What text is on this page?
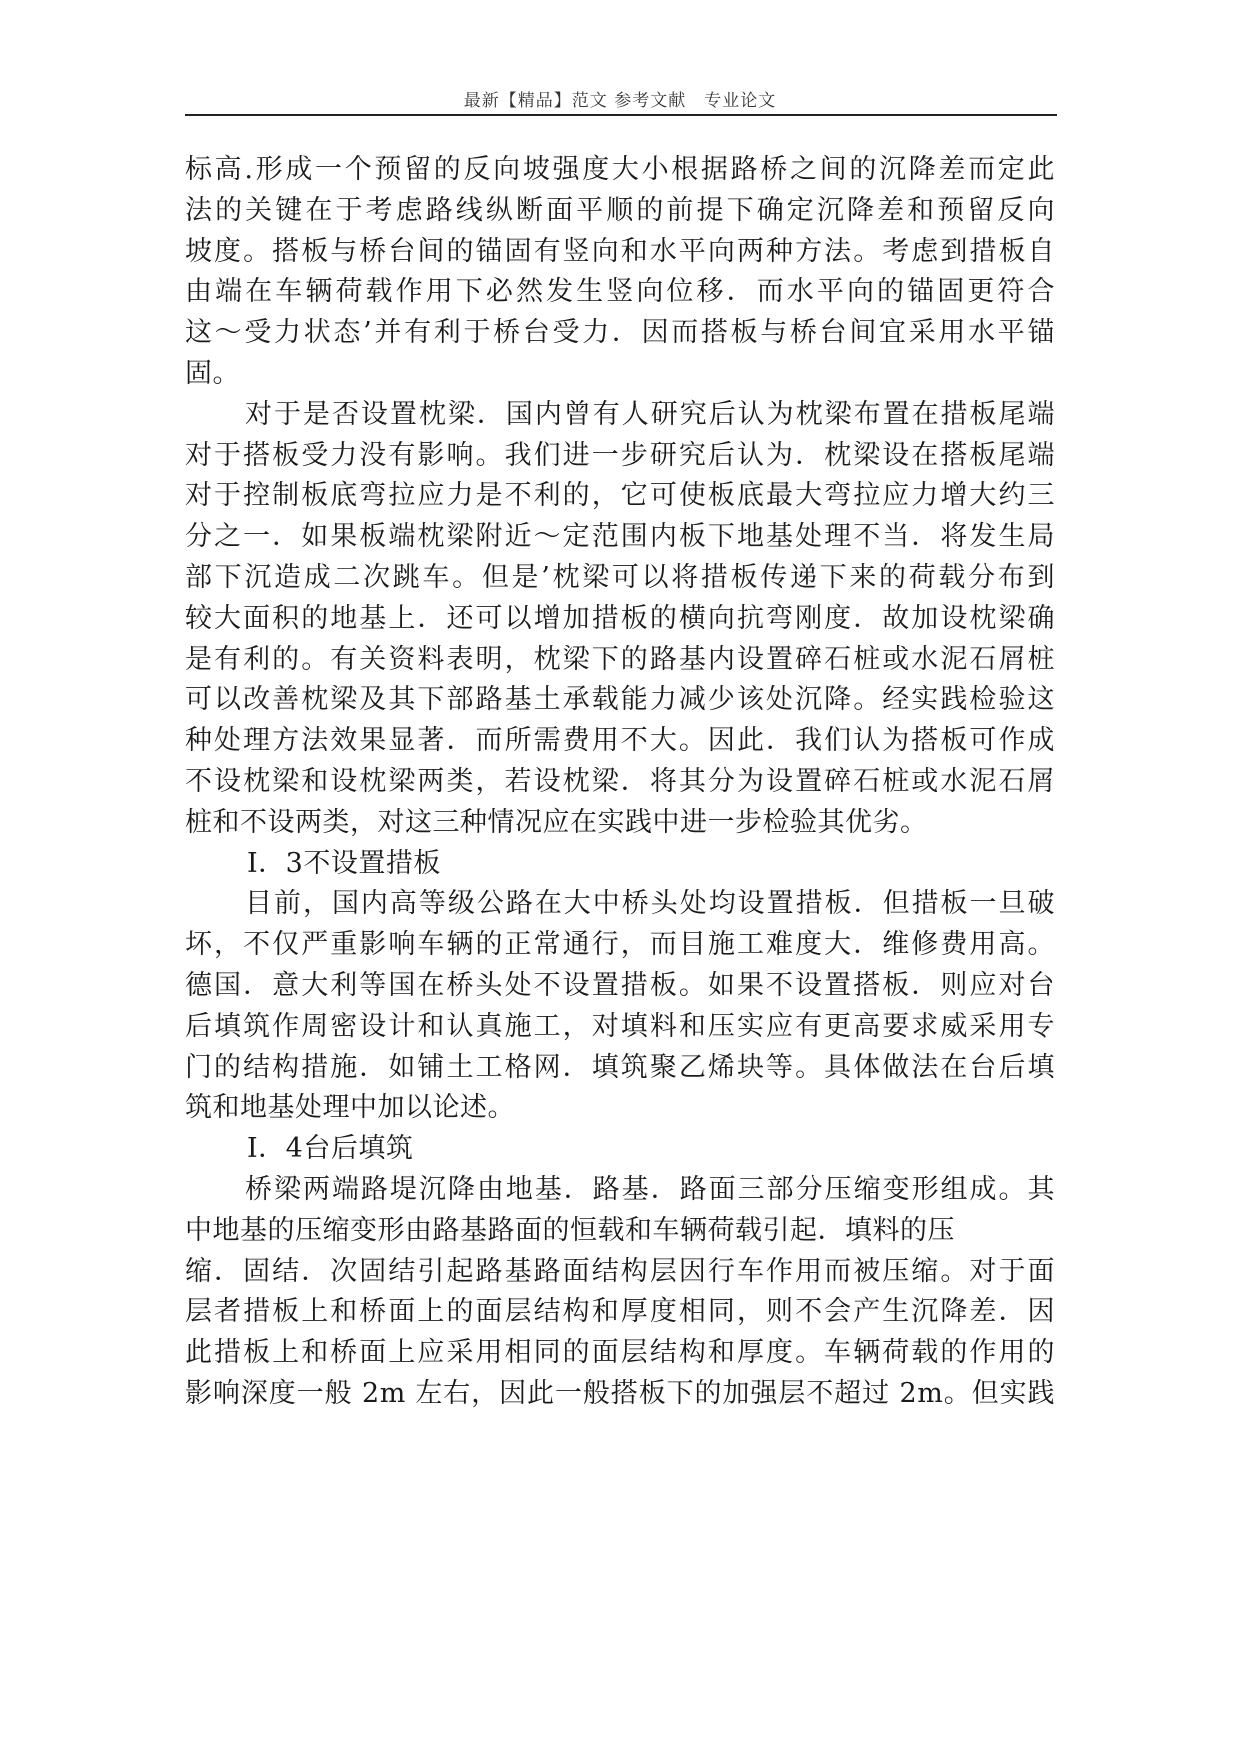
最新【精品】范文 参考文献　专业论文
标高.形成一个预留的反向坡强度大小根据路桥之间的沉降差而定此
法的关键在于考虑路线纵断面平顺的前提下确定沉降差和预留反向
坡度。搭板与桥台间的锚固有竖向和水平向两种方法。考虑到措板自
由端在车辆荷载作用下必然发生竖向位移．而水平向的锚固更符合
这～受力状态’并有利于桥台受力．因而搭板与桥台间宜采用水平锚
固。
对于是否设置枕梁．国内曾有人研究后认为枕梁布置在措板尾端
对于搭板受力没有影响。我们进一步研究后认为．枕梁设在搭板尾端
对于控制板底弯拉应力是不利的，它可使板底最大弯拉应力增大约三
分之一．如果板端枕梁附近～定范围内板下地基处理不当．将发生局
部下沉造成二次跳车。但是’枕梁可以将措板传递下来的荷载分布到
较大面积的地基上．还可以增加措板的横向抗弯刚度．故加设枕梁确
是有利的。有关资料表明，枕梁下的路基内设置碎石桩或水泥石屑桩
可以改善枕梁及其下部路基土承载能力减少该处沉降。经实践检验这
种处理方法效果显著．而所需费用不大。因此．我们认为搭板可作成
不设枕梁和设枕梁两类，若设枕梁．将其分为设置碎石桩或水泥石屑
桩和不设两类，对这三种情况应在实践中进一步检验其优劣。
I．3不设置措板
目前，国内高等级公路在大中桥头处均设置措板．但措板一旦破
坏，不仅严重影响车辆的正常通行，而目施工难度大．维修费用高。
德国．意大利等国在桥头处不设置措板。如果不设置搭板．则应对台
后填筑作周密设计和认真施工，对填料和压实应有更高要求威采用专
门的结构措施．如铺土工格网．填筑聚乙烯块等。具体做法在台后填
筑和地基处理中加以论述。
I．4台后填筑
桥梁两端路堤沉降由地基．路基．路面三部分压缩变形组成。其
中地基的压缩变形由路基路面的恒载和车辆荷载引起．填料的压
缩．固结．次固结引起路基路面结构层因行车作用而被压缩。对于面
层者措板上和桥面上的面层结构和厚度相同，则不会产生沉降差．因
此措板上和桥面上应采用相同的面层结构和厚度。车辆荷载的作用的
影响深度一般 2m 左右，因此一般搭板下的加强层不超过 2m。但实践
